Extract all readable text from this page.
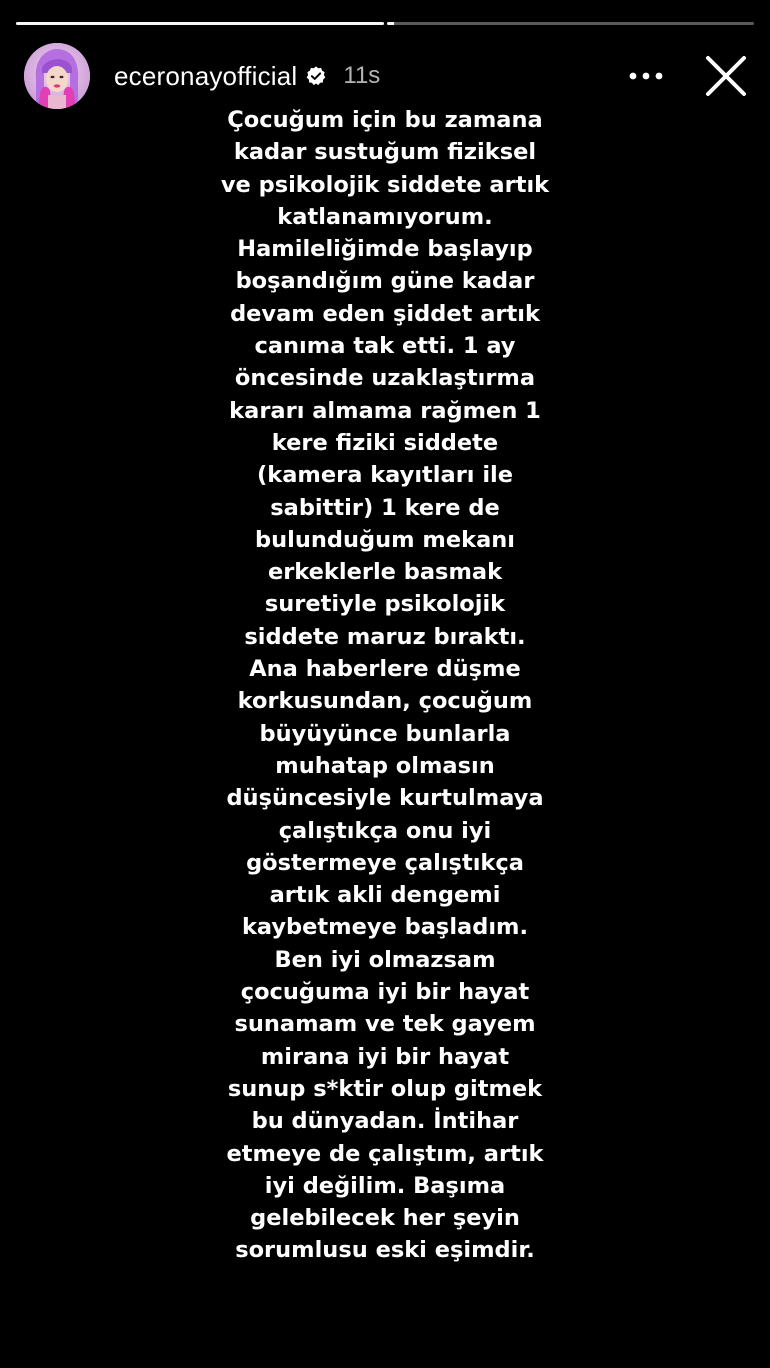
eceronayofficial 11s
Çocuğum için bu zamana
kadar sustuğum fiziksel
ve psikolojik siddete artık
katlanamıyorum.
Hamileliğimde başlayıp
boşandığım güne kadar
devam eden şiddet artık
canıma tak etti. 1 ay
öncesinde uzaklaştırma
kararı almama rağmen 1
kere fiziki siddete
(kamera kayıtları ile
sabittir) 1 kere de
bulunduğum mekanı
erkeklerle basmak
suretiyle psikolojik
siddete maruz bıraktı.
Ana haberlere düşme
korkusundan, çocuğum
büyüyünce bunlarla
muhatap olmasın
düşüncesiyle kurtulmaya
çalıştıkça onu iyi
göstermeye çalıştıkça
artık akli dengemi
kaybetmeye başladım.
Ben iyi olmazsam
çocuğuma iyi bir hayat
sunamam ve tek gayem
mirana iyi bir hayat
sunup s*ktir olup gitmek
bu dünyadan. İntihar
etmeye de çalıştım, artık
iyi değilim. Başıma
gelebilecek her şeyin
sorumlusu eski eşimdir.
